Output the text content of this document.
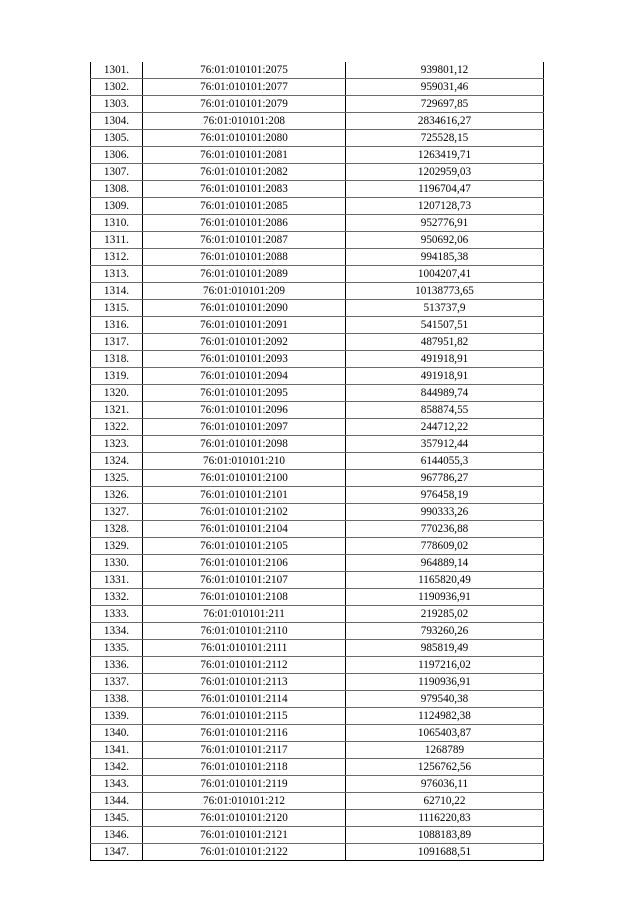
1301.	76:01:010101:2075	939801,12
1302.	76:01:010101:2077	959031,46
1303.	76:01:010101:2079	729697,85
1304.	76:01:010101:208	2834616,27
1305.	76:01:010101:2080	725528,15
1306.	76:01:010101:2081	1263419,71
1307.	76:01:010101:2082	1202959,03
1308.	76:01:010101:2083	1196704,47
1309.	76:01:010101:2085	1207128,73
1310.	76:01:010101:2086	952776,91
1311.	76:01:010101:2087	950692,06
1312.	76:01:010101:2088	994185,38
1313.	76:01:010101:2089	1004207,41
1314.	76:01:010101:209	10138773,65
1315.	76:01:010101:2090	513737,9
1316.	76:01:010101:2091	541507,51
1317.	76:01:010101:2092	487951,82
1318.	76:01:010101:2093	491918,91
1319.	76:01:010101:2094	491918,91
1320.	76:01:010101:2095	844989,74
1321.	76:01:010101:2096	858874,55
1322.	76:01:010101:2097	244712,22
1323.	76:01:010101:2098	357912,44
1324.	76:01:010101:210	6144055,3
1325.	76:01:010101:2100	967786,27
1326.	76:01:010101:2101	976458,19
1327.	76:01:010101:2102	990333,26
1328.	76:01:010101:2104	770236,88
1329.	76:01:010101:2105	778609,02
1330.	76:01:010101:2106	964889,14
1331.	76:01:010101:2107	1165820,49
1332.	76:01:010101:2108	1190936,91
1333.	76:01:010101:211	219285,02
1334.	76:01:010101:2110	793260,26
1335.	76:01:010101:2111	985819,49
1336.	76:01:010101:2112	1197216,02
1337.	76:01:010101:2113	1190936,91
1338.	76:01:010101:2114	979540,38
1339.	76:01:010101:2115	1124982,38
1340.	76:01:010101:2116	1065403,87
1341.	76:01:010101:2117	1268789
1342.	76:01:010101:2118	1256762,56
1343.	76:01:010101:2119	976036,11
1344.	76:01:010101:212	62710,22
1345.	76:01:010101:2120	1116220,83
1346.	76:01:010101:2121	1088183,89
1347.	76:01:010101:2122	1091688,51
